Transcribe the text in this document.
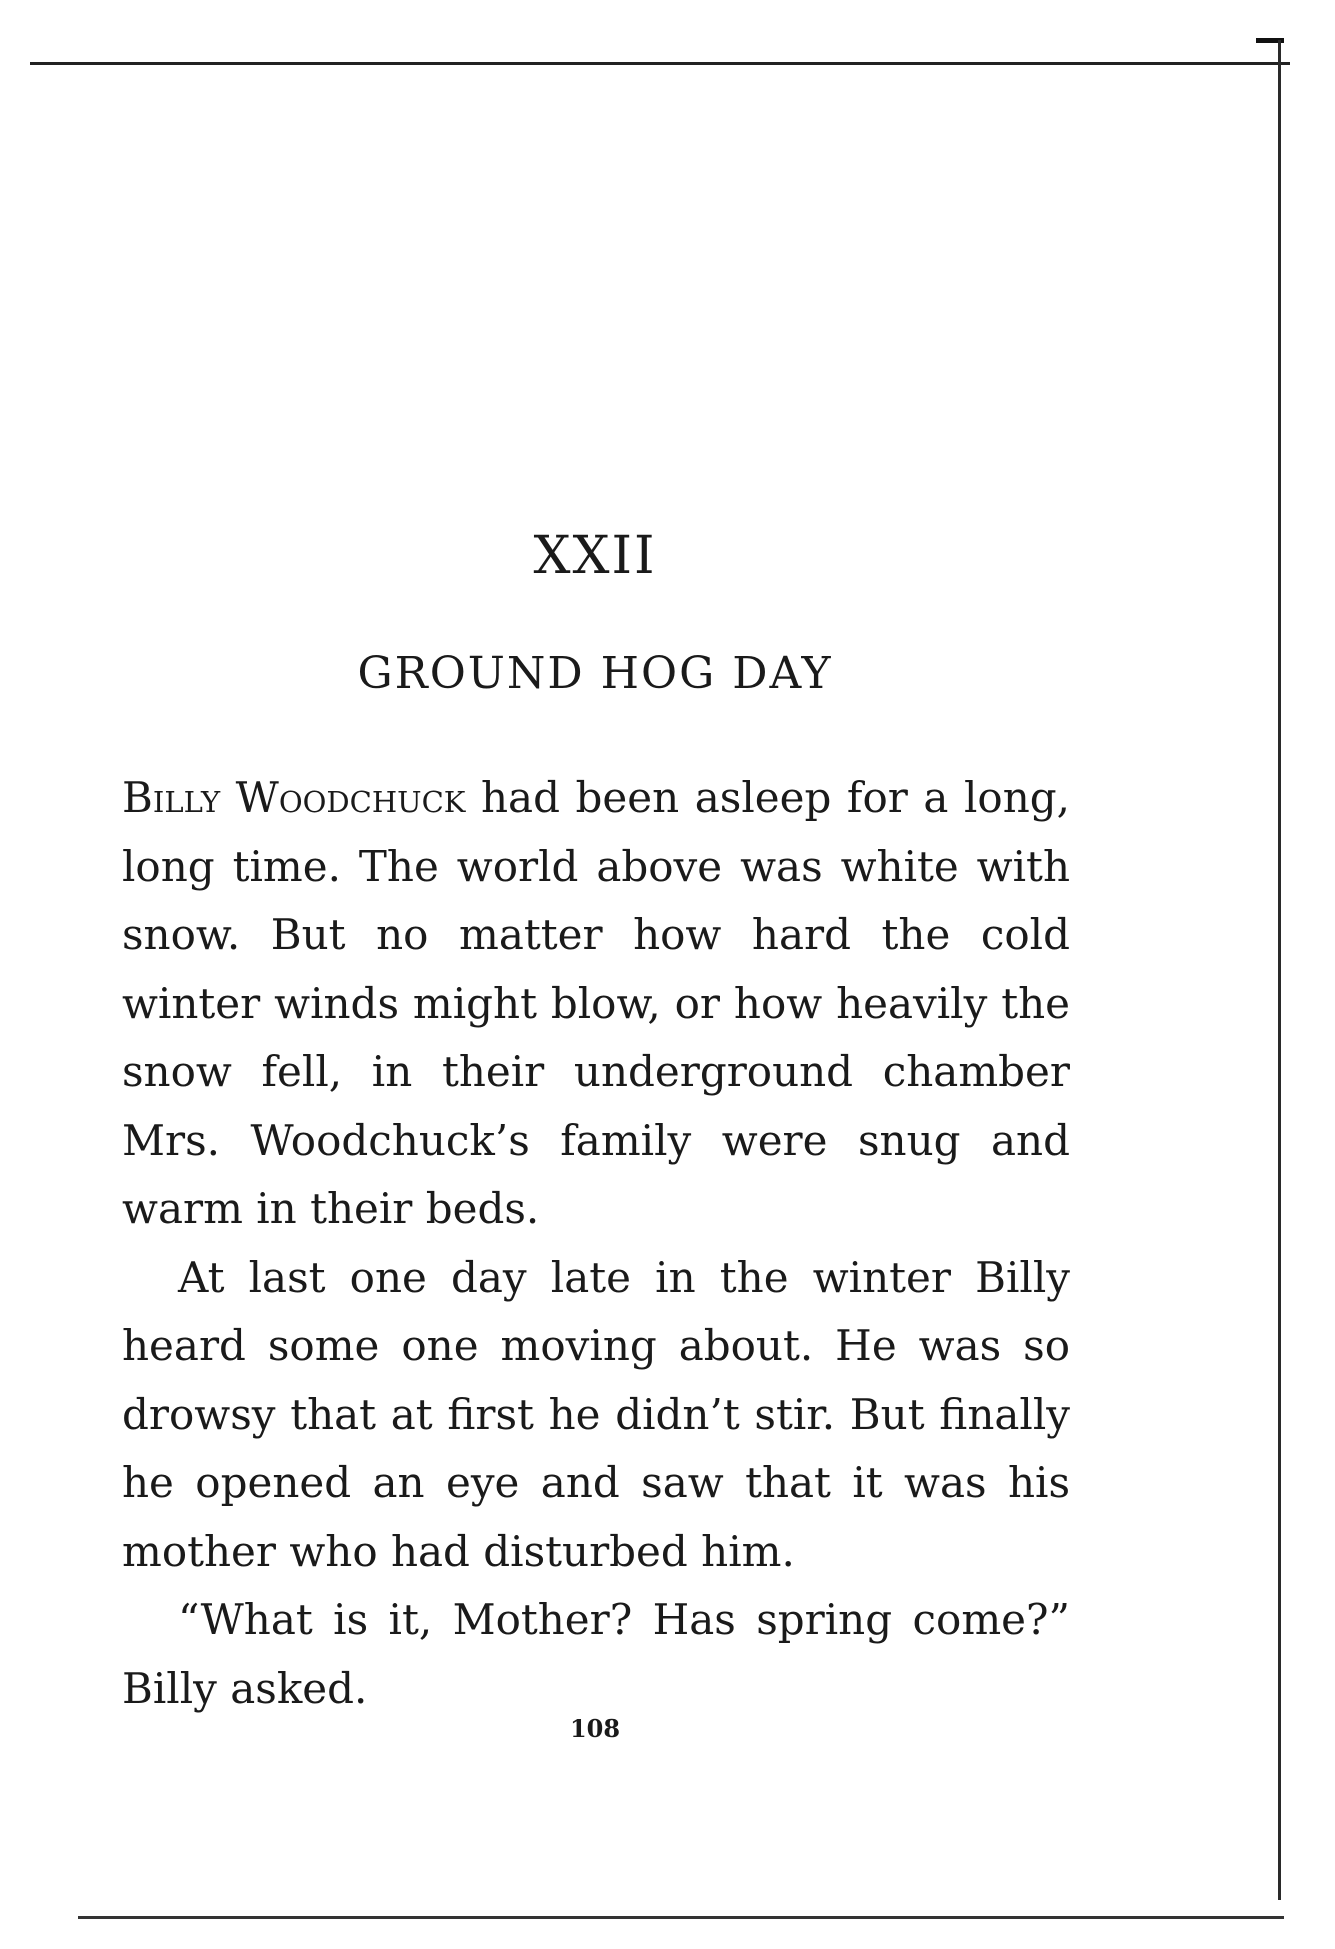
XXII
GROUND HOG DAY

Billy Woodchuck had been asleep for a long, long time. The world above was white with snow. But no matter how hard the cold winter winds might blow, or how heavily the snow fell, in their underground chamber Mrs. Woodchuck’s family were snug and warm in their beds.

At last one day late in the winter Billy heard some one moving about. He was so drowsy that at first he didn’t stir. But finally he opened an eye and saw that it was his mother who had disturbed him.

“What is it, Mother? Has spring come?” Billy asked.

108
